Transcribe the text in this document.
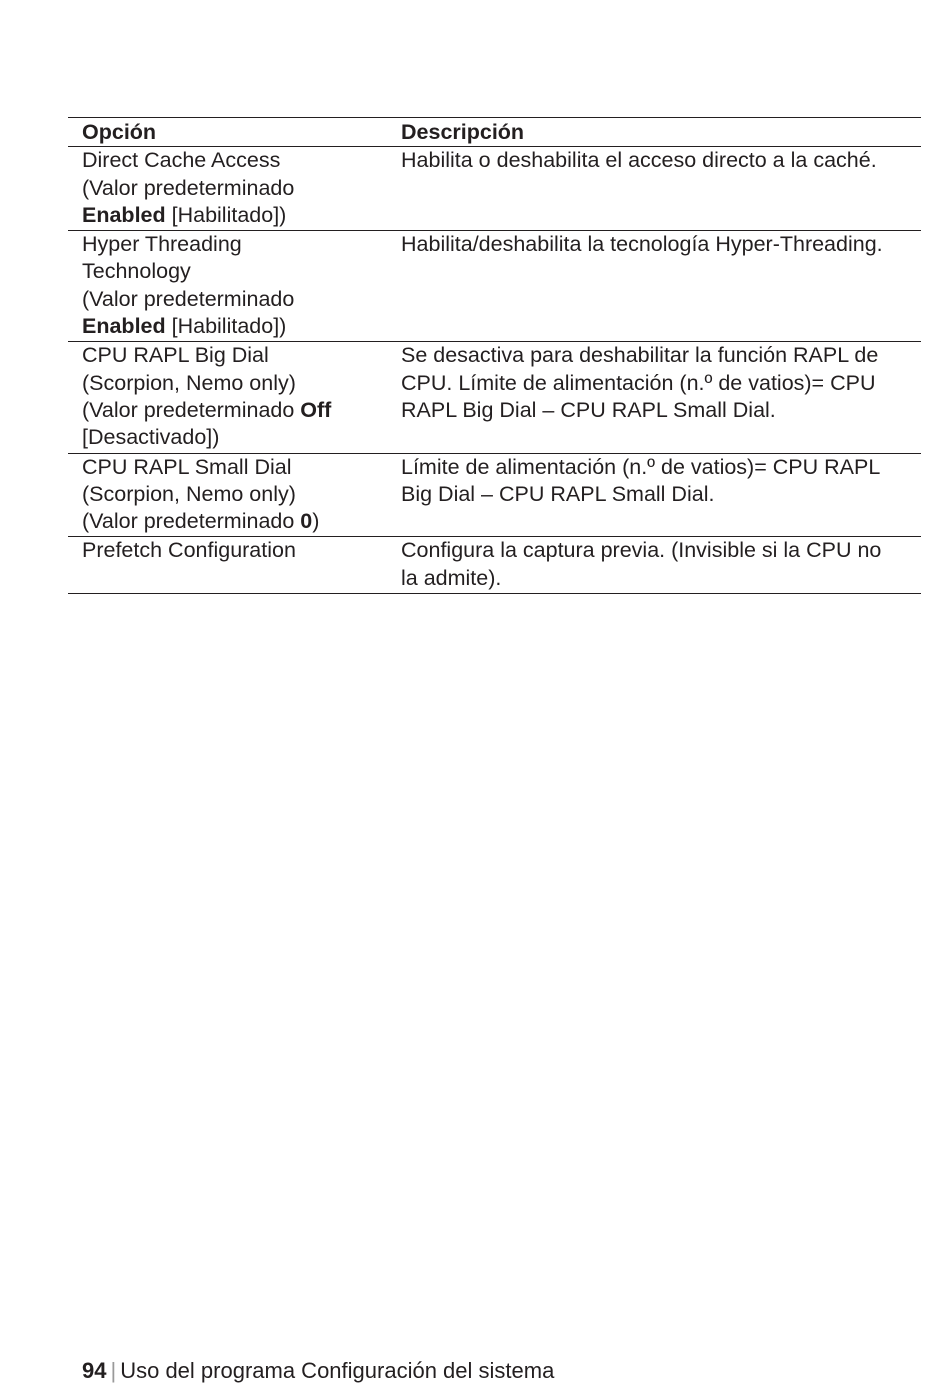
Opción	Descripción

Direct Cache Access
(Valor predeterminado
Enabled [Habilitado])	Habilita o deshabilita el acceso directo a la caché.

Hyper Threading
Technology
(Valor predeterminado
Enabled [Habilitado])	Habilita/deshabilita la tecnología Hyper-Threading.

CPU RAPL Big Dial
(Scorpion, Nemo only)
(Valor predeterminado Off
[Desactivado])	Se desactiva para deshabilitar la función RAPL de
CPU. Límite de alimentación (n.º de vatios)= CPU
RAPL Big Dial – CPU RAPL Small Dial.

CPU RAPL Small Dial
(Scorpion, Nemo only)
(Valor predeterminado 0)	Límite de alimentación (n.º de vatios)= CPU RAPL
Big Dial – CPU RAPL Small Dial.

Prefetch Configuration	Configura la captura previa. (Invisible si la CPU no
la admite).
94 | Uso del programa Configuración del sistema
